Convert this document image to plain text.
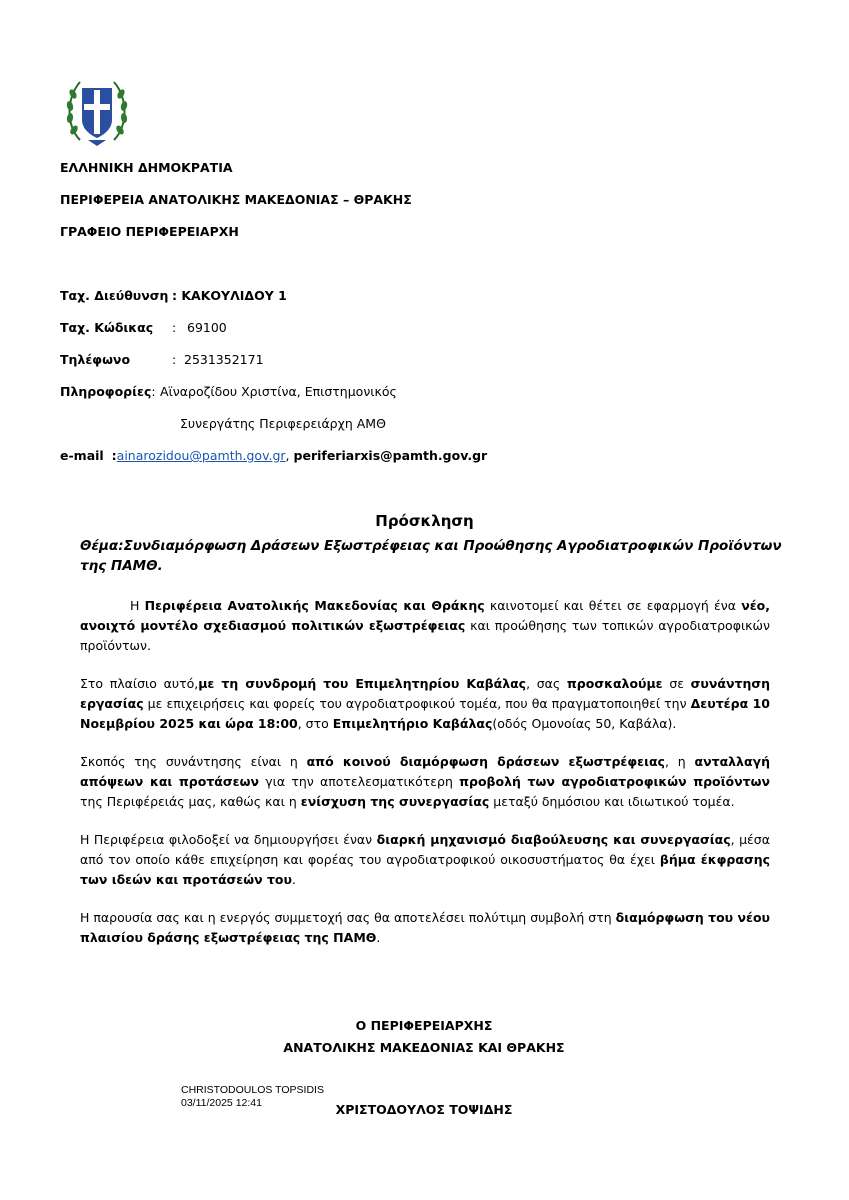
ΕΛΛΗΝΙΚΗ ΔΗΜΟΚΡΑΤΙΑ
ΠΕΡΙΦΕΡΕΙΑ ΑΝΑΤΟΛΙΚΗΣ ΜΑΚΕΔΟΝΙΑΣ – ΘΡΑΚΗΣ
ΓΡΑΦΕΙΟ ΠΕΡΙΦΕΡΕΙΑΡΧΗ
Ταχ. Διεύθυνση : ΚΑΚΟΥΛΙΔΟΥ 1
Ταχ. Κώδικας : 69100
Τηλέφωνο	: 2531352171
Πληροφορίες: Αϊναροζίδου Χριστίνα, Επιστημονικός
Συνεργάτης Περιφερειάρχη ΑΜΘ
e-mail :ainarozidou@pamth.gov.gr, periferiarxis@pamth.gov.gr
Πρόσκληση
Θέμα:Συνδιαμόρφωση Δράσεων Εξωστρέφειας και Προώθησης Αγροδιατροφικών Προϊόντων
της ΠΑΜΘ.
Η Περιφέρεια Ανατολικής Μακεδονίας και Θράκης καινοτομεί και θέτει σε εφαρμογή ένα νέο, ανοιχτό μοντέλο σχεδιασμού πολιτικών εξωστρέφειας και προώθησης των τοπικών αγροδιατροφικών προϊόντων.
Στο πλαίσιο αυτό,με τη συνδρομή του Επιμελητηρίου Καβάλας, σας προσκαλούμε σε συνάντηση εργασίας με επιχειρήσεις και φορείς του αγροδιατροφικού τομέα, που θα πραγματοποιηθεί την Δευτέρα 10 Νοεμβρίου 2025 και ώρα 18:00, στο Επιμελητήριο Καβάλας(οδός Ομονοίας 50, Καβάλα).
Σκοπός της συνάντησης είναι η από κοινού διαμόρφωση δράσεων εξωστρέφειας, η ανταλλαγή απόψεων και προτάσεων για την αποτελεσματικότερη προβολή των αγροδιατροφικών προϊόντων της Περιφέρειάς μας, καθώς και η ενίσχυση της συνεργασίας μεταξύ δημόσιου και ιδιωτικού τομέα.
Η Περιφέρεια φιλοδοξεί να δημιουργήσει έναν διαρκή μηχανισμό διαβούλευσης και συνεργασίας, μέσα από τον οποίο κάθε επιχείρηση και φορέας του αγροδιατροφικού οικοσυστήματος θα έχει βήμα έκφρασης των ιδεών και προτάσεών του.
Η παρουσία σας και η ενεργός συμμετοχή σας θα αποτελέσει πολύτιμη συμβολή στη διαμόρφωση του νέου πλαισίου δράσης εξωστρέφειας της ΠΑΜΘ.
Ο ΠΕΡΙΦΕΡΕΙΑΡΧΗΣ
ΑΝΑΤΟΛΙΚΗΣ ΜΑΚΕΔΟΝΙΑΣ ΚΑΙ ΘΡΑΚΗΣ
CHRISTODOULOS TOPSIDIS
03/11/2025 12:41	ΧΡΙΣΤΟΔΟΥΛΟΣ ΤΟΨΙΔΗΣ
